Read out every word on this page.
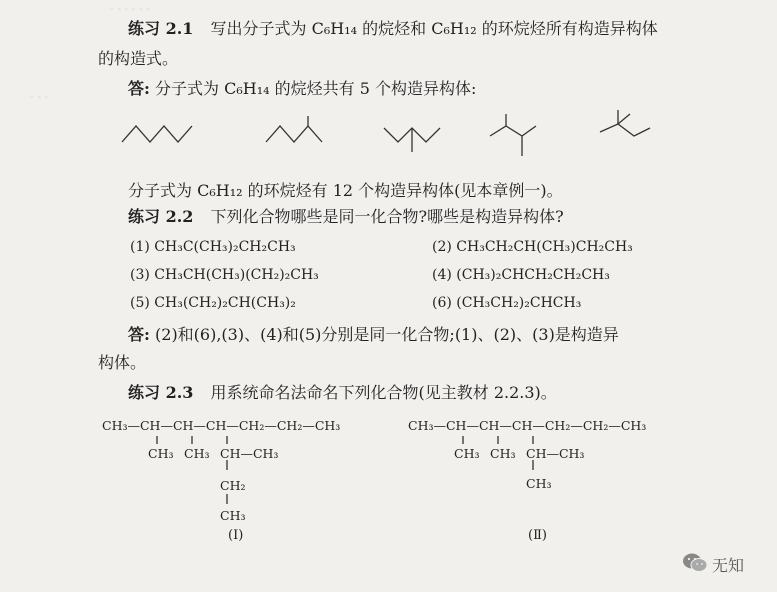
- - - - - -
- - -
练习 2.1 写出分子式为 C₆H₁₄ 的烷烃和 C₆H₁₂ 的环烷烃所有构造异构体
的构造式。
答: 分子式为 C₆H₁₄ 的烷烃共有 5 个构造异构体:
分子式为 C₆H₁₂ 的环烷烃有 12 个构造异构体(见本章例一)。
练习 2.2 下列化合物哪些是同一化合物?哪些是构造异构体?
(1) CH₃C(CH₃)₂CH₂CH₃	(2) CH₃CH₂CH(CH₃)CH₂CH₃
(3) CH₃CH(CH₃)(CH₂)₂CH₃	(4) (CH₃)₂CHCH₂CH₂CH₃
(5) CH₃(CH₂)₂CH(CH₃)₂	(6) (CH₃CH₂)₂CHCH₃
答: (2)和(6),(3)、(4)和(5)分别是同一化合物;(1)、(2)、(3)是构造异
构体。
练习 2.3 用系统命名法命名下列化合物(见主教材 2.2.3)。
CH₃—CH—CH—CH—CH₂—CH₂—CH₃
CH₃ CH₃ CH—CH₃
CH₂
CH₃
(Ⅰ)
CH₃—CH—CH—CH—CH₂—CH₂—CH₃
CH₃ CH₃ CH—CH₃
CH₃
(Ⅱ)
无知
